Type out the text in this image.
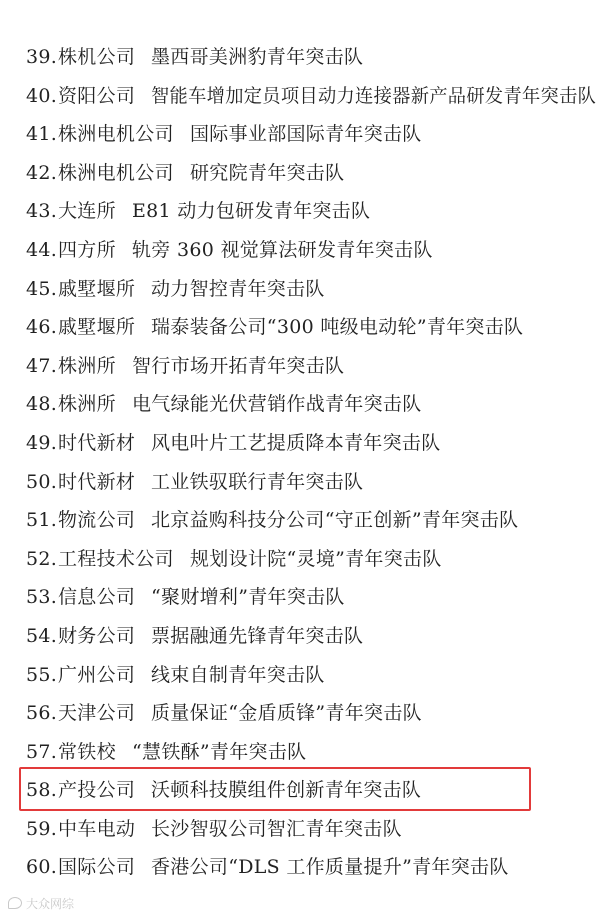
39. 株机公司 墨西哥美洲豹青年突击队
40. 资阳公司 智能车增加定员项目动力连接器新产品研发青年突击队
41. 株洲电机公司 国际事业部国际青年突击队
42. 株洲电机公司 研究院青年突击队
43. 大连所 E81 动力包研发青年突击队
44. 四方所 轨旁 360 视觉算法研发青年突击队
45. 戚墅堰所 动力智控青年突击队
46. 戚墅堰所 瑞泰装备公司“300 吨级电动轮”青年突击队
47. 株洲所 智行市场开拓青年突击队
48. 株洲所 电气绿能光伏营销作战青年突击队
49. 时代新材 风电叶片工艺提质降本青年突击队
50. 时代新材 工业铁驭联行青年突击队
51. 物流公司 北京益购科技分公司“守正创新”青年突击队
52. 工程技术公司 规划设计院“灵境”青年突击队
53. 信息公司 “聚财增利”青年突击队
54. 财务公司 票据融通先锋青年突击队
55. 广州公司 线束自制青年突击队
56. 天津公司 质量保证“金盾质锋”青年突击队
57. 常铁校 “慧铁酥”青年突击队
58. 产投公司 沃顿科技膜组件创新青年突击队
59. 中车电动 长沙智驭公司智汇青年突击队
60. 国际公司 香港公司“DLS 工作质量提升”青年突击队
大众网综
